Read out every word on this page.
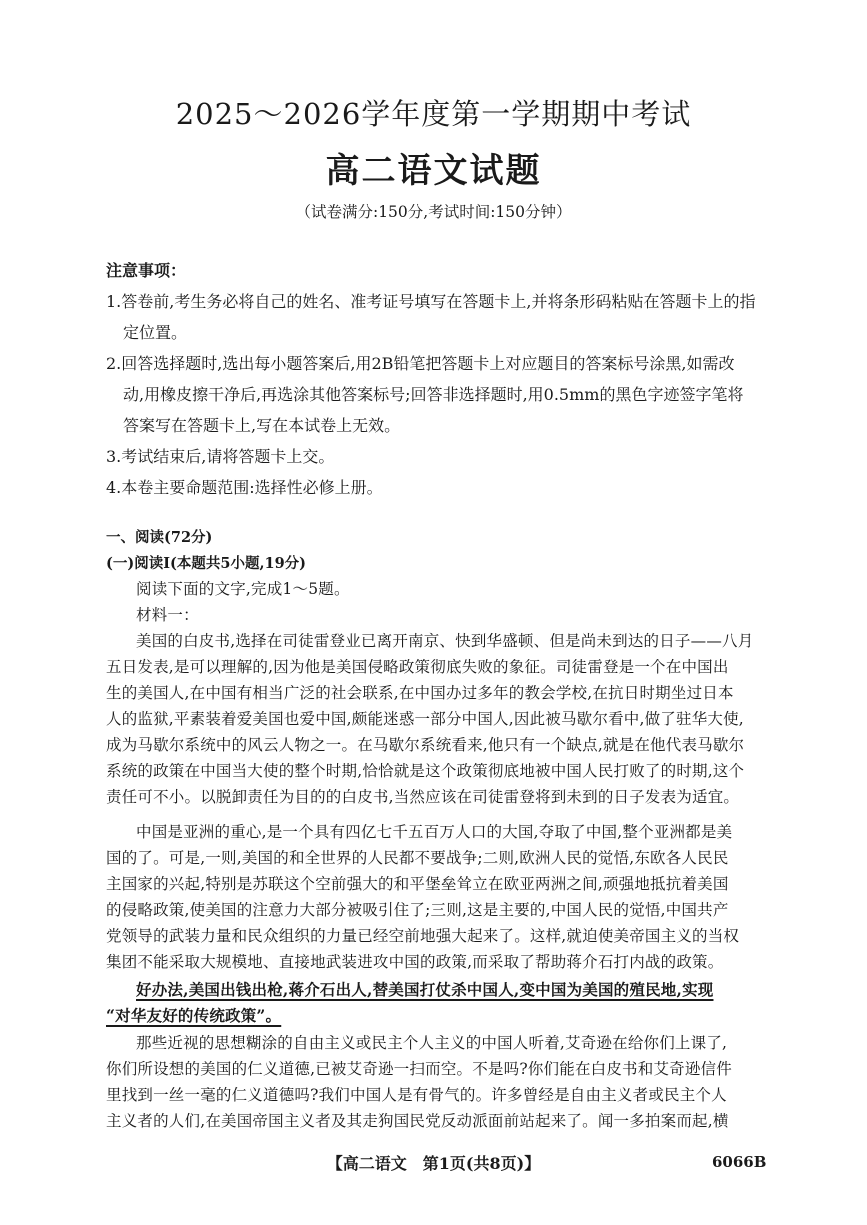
2025～2026学年度第一学期期中考试
高二语文试题
（试卷满分:150分,考试时间:150分钟）
注意事项：
1.答卷前,考生务必将自己的姓名、准考证号填写在答题卡上,并将条形码粘贴在答题卡上的指
定位置。
2.回答选择题时,选出每小题答案后,用2B铅笔把答题卡上对应题目的答案标号涂黑,如需改
动,用橡皮擦干净后,再选涂其他答案标号;回答非选择题时,用0.5mm的黑色字迹签字笔将
答案写在答题卡上,写在本试卷上无效。
3.考试结束后,请将答题卡上交。
4.本卷主要命题范围:选择性必修上册。
一、阅读(72分)
(一)阅读Ⅰ(本题共5小题,19分)
阅读下面的文字,完成1～5题。
材料一：
美国的白皮书,选择在司徒雷登业已离开南京、快到华盛顿、但是尚未到达的日子——八月
五日发表,是可以理解的,因为他是美国侵略政策彻底失败的象征。司徒雷登是一个在中国出
生的美国人,在中国有相当广泛的社会联系,在中国办过多年的教会学校,在抗日时期坐过日本
人的监狱,平素装着爱美国也爱中国,颇能迷惑一部分中国人,因此被马歇尔看中,做了驻华大使,
成为马歇尔系统中的风云人物之一。在马歇尔系统看来,他只有一个缺点,就是在他代表马歇尔
系统的政策在中国当大使的整个时期,恰恰就是这个政策彻底地被中国人民打败了的时期,这个
责任可不小。以脱卸责任为目的的白皮书,当然应该在司徒雷登将到未到的日子发表为适宜。
中国是亚洲的重心,是一个具有四亿七千五百万人口的大国,夺取了中国,整个亚洲都是美
国的了。可是,一则,美国的和全世界的人民都不要战争;二则,欧洲人民的觉悟,东欧各人民民
主国家的兴起,特别是苏联这个空前强大的和平堡垒耸立在欧亚两洲之间,顽强地抵抗着美国
的侵略政策,使美国的注意力大部分被吸引住了;三则,这是主要的,中国人民的觉悟,中国共产
党领导的武装力量和民众组织的力量已经空前地强大起来了。这样,就迫使美帝国主义的当权
集团不能采取大规模地、直接地武装进攻中国的政策,而采取了帮助蒋介石打内战的政策。
好办法,美国出钱出枪,蒋介石出人,替美国打仗杀中国人,变中国为美国的殖民地,实现
“对华友好的传统政策”。
那些近视的思想糊涂的自由主义或民主个人主义的中国人听着,艾奇逊在给你们上课了,
你们所设想的美国的仁义道德,已被艾奇逊一扫而空。不是吗?你们能在白皮书和艾奇逊信件
里找到一丝一毫的仁义道德吗?我们中国人是有骨气的。许多曾经是自由主义者或民主个人
主义者的人们,在美国帝国主义者及其走狗国民党反动派面前站起来了。闻一多拍案而起,横
【高二语文　第1页(共8页)】	6066B
